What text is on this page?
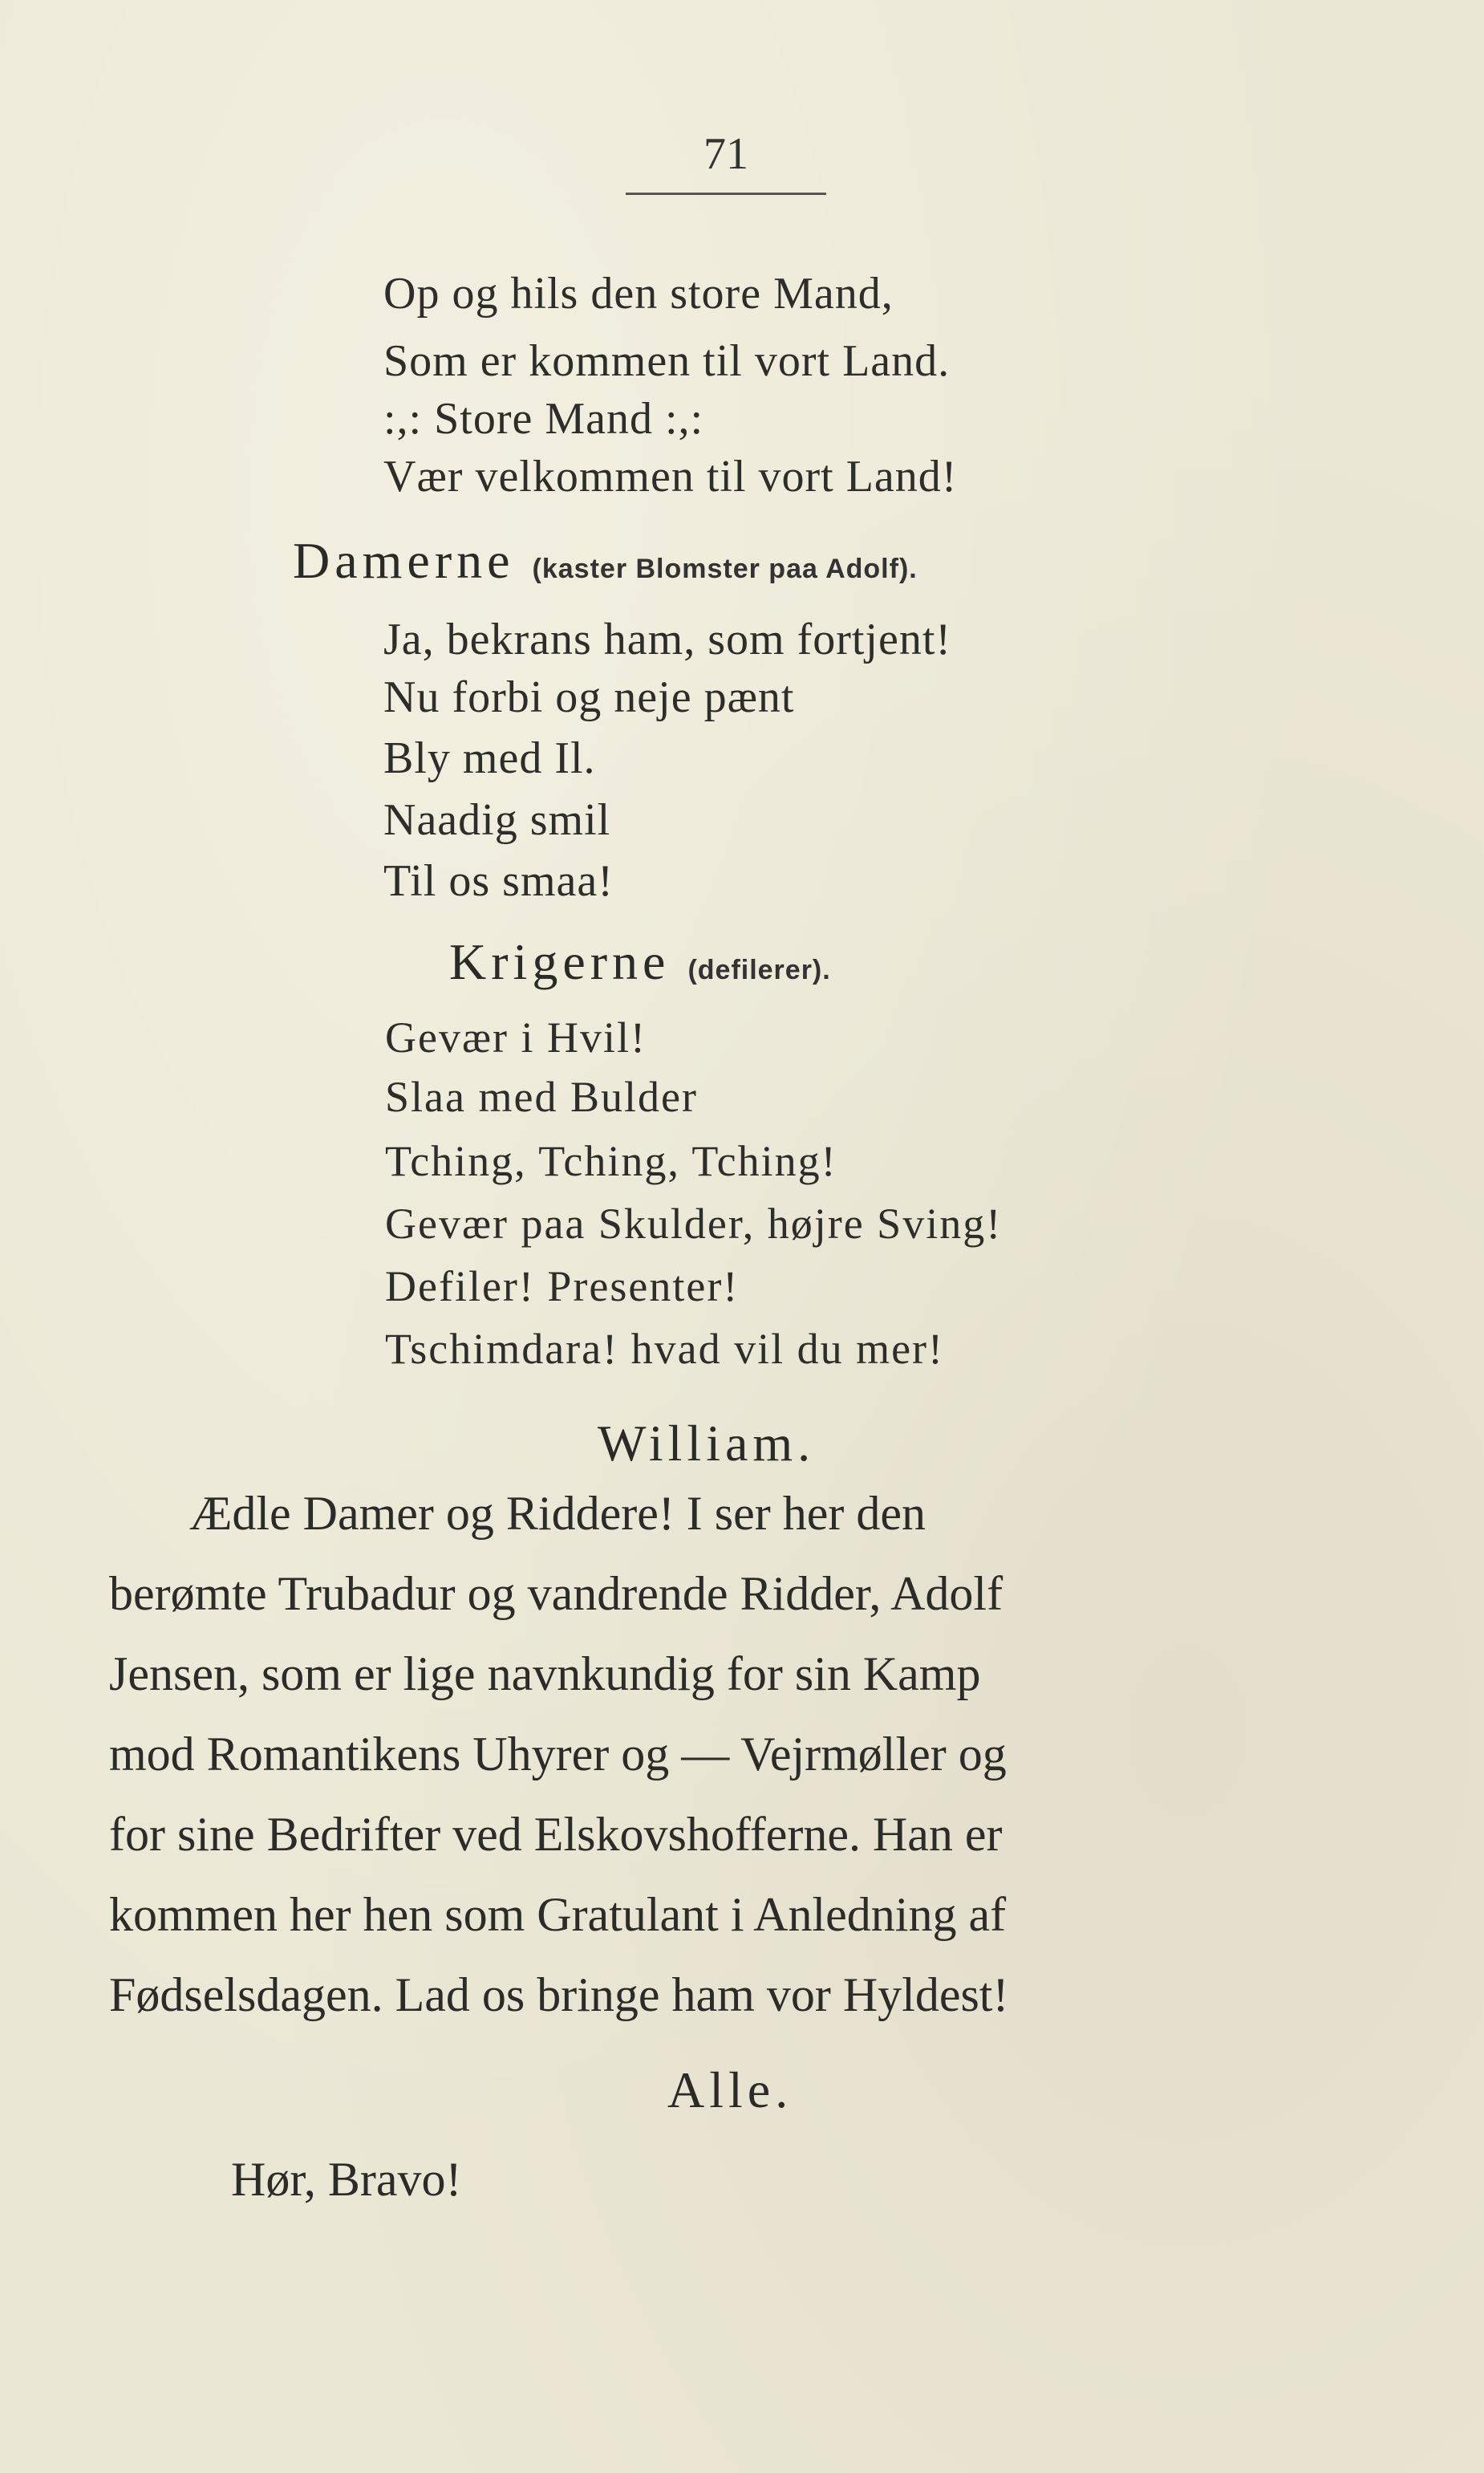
71
Op og hils den store Mand,
Som er kommen til vort Land.
:,: Store Mand :,:
Vær velkommen til vort Land!
Damerne (kaster Blomster paa Adolf).
Ja, bekrans ham, som fortjent!
Nu forbi og neje pænt
Bly med Il.
Naadig smil
Til os smaa!
Krigerne (defilerer).
Gevær i Hvil!
Slaa med Bulder
Tching, Tching, Tching!
Gevær paa Skulder, højre Sving!
Defiler! Presenter!
Tschimdara! hvad vil du mer!
William.
Ædle Damer og Riddere! I ser her den
berømte Trubadur og vandrende Ridder, Adolf
Jensen, som er lige navnkundig for sin Kamp
mod Romantikens Uhyrer og — Vejrmøller og
for sine Bedrifter ved Elskovshofferne. Han er
kommen her hen som Gratulant i Anledning af
Fødselsdagen. Lad os bringe ham vor Hyldest!
Alle.
Hør, Bravo!
